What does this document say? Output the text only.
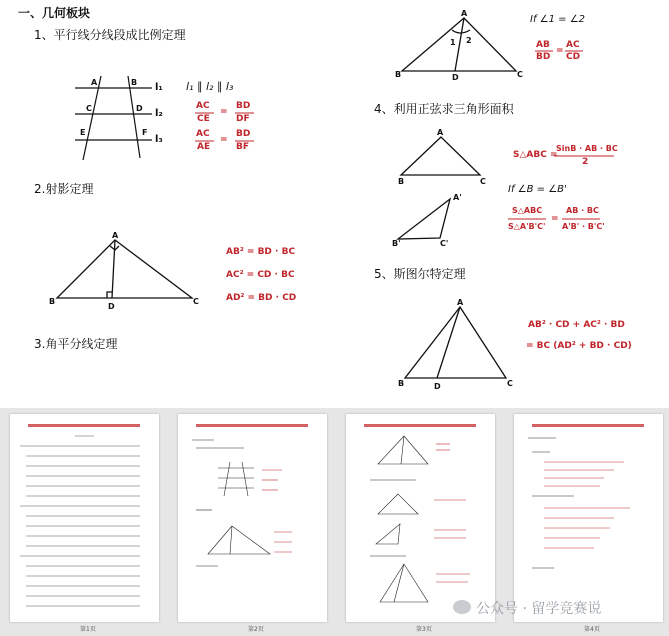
一、几何板块
1、平行线分线段成比例定理
2.射影定理
3.角平分线定理
4、利用正弦求三角形面积
5、斯图尔特定理
A	B
C	D
E	F
l₁
l₂
l₃
l₁ ∥ l₂ ∥ l₃
AC
CE
=
BD
DF
AC
AE
=
BD
BF
A
B	C
D
AB² = BD · BC
AC² = CD · BC
AD² = BD · CD
A
B	C
D
1 2
If ∠1 = ∠2
AB
BD
=
AC
CD
A
B	C
A'
B'	C'
S△ABC =
SinB · AB · BC
2
If ∠B = ∠B'
S△ABC
S△A'B'C'
=
AB · BC
A'B' · B'C'
A
B	C
D
AB² · CD + AC² · BD
= BC (AD² + BD · CD)
第1页	第2页	第3页	第4页
公众号 · 留学竞赛说
